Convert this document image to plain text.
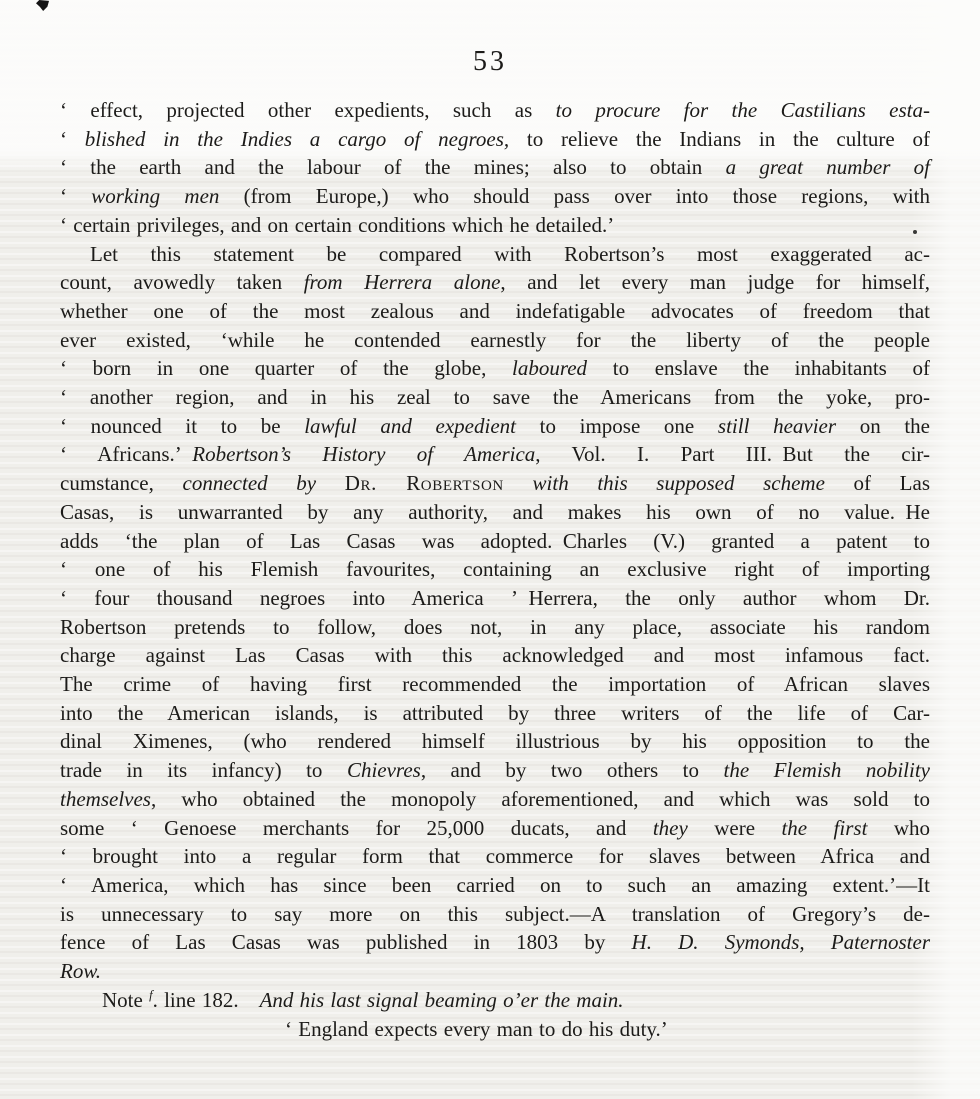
53
‘ effect, projected other expedients, such as to procure for the Castilians esta-
‘ blished in the Indies a cargo of negroes, to relieve the Indians in the culture of
‘ the earth and the labour of the mines; also to obtain a great number of
‘ working men (from Europe,) who should pass over into those regions, with
‘ certain privileges, and on certain conditions which he detailed.’
Let this statement be compared with Robertson’s most exaggerated ac-
count, avowedly taken from Herrera alone, and let every man judge for himself,
whether one of the most zealous and indefatigable advocates of freedom that
ever existed, ‘while he contended earnestly for the liberty of the people
‘ born in one quarter of the globe, laboured to enslave the inhabitants of
‘ another region, and in his zeal to save the Americans from the yoke, pro-
‘ nounced it to be lawful and expedient to impose one still heavier on the
‘ Africans.’ Robertson’s History of America, Vol. I. Part III. But the cir-
cumstance, connected by Dr. Robertson with this supposed scheme of Las
Casas, is unwarranted by any authority, and makes his own of no value. He
adds ‘the plan of Las Casas was adopted. Charles (V.) granted a patent to
‘ one of his Flemish favourites, containing an exclusive right of importing
‘ four thousand negroes into America ’ Herrera, the only author whom Dr.
Robertson pretends to follow, does not, in any place, associate his random
charge against Las Casas with this acknowledged and most infamous fact.
The crime of having first recommended the importation of African slaves
into the American islands, is attributed by three writers of the life of Car-
dinal Ximenes, (who rendered himself illustrious by his opposition to the
trade in its infancy) to Chievres, and by two others to the Flemish nobility
themselves, who obtained the monopoly aforementioned, and which was sold to
some ‘ Genoese merchants for 25,000 ducats, and they were the first who
‘ brought into a regular form that commerce for slaves between Africa and
‘ America, which has since been carried on to such an amazing extent.’—It
is unnecessary to say more on this subject.—A translation of Gregory’s de-
fence of Las Casas was published in 1803 by H. D. Symonds, Paternoster
Row.
Note $^f$. line 182.  And his last signal beaming o’er the main.
‘ England expects every man to do his duty.’
